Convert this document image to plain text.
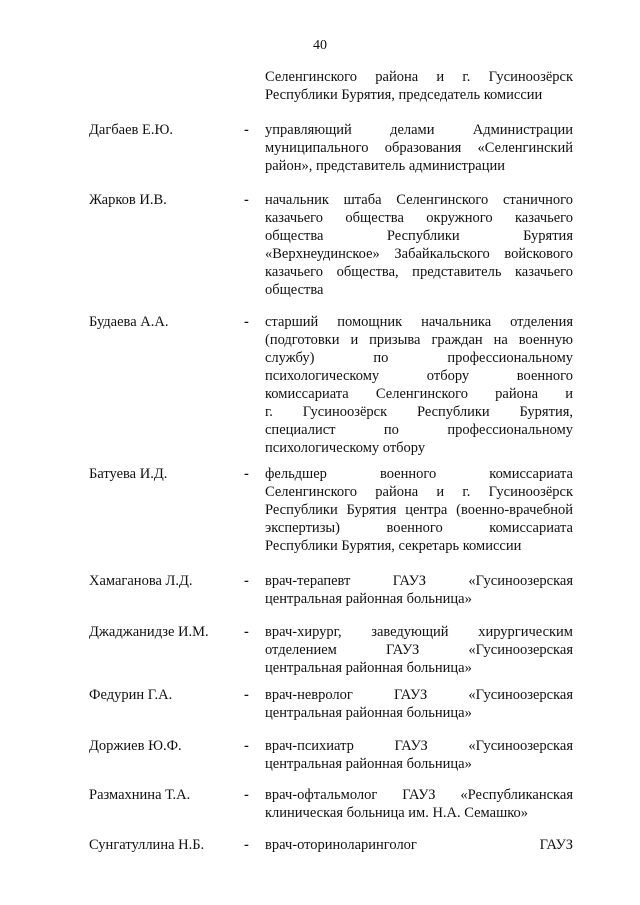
40
Селенгинского района и г. Гусиноозёрск
Республики Бурятия, председатель комиссии
Дагбаев Е.Ю.	- управляющий делами Администрации
муниципального образования «Селенгинский
район», представитель администрации
Жарков И.В.	- начальник штаба Селенгинского станичного
казачьего общества окружного казачьего
общества Республики Бурятия
«Верхнеудинское» Забайкальского войскового
казачьего общества, представитель казачьего
общества
Будаева А.А.	- старший помощник начальника отделения
(подготовки и призыва граждан на военную
службу) по профессиональному
психологическому отбору военного
комиссариата Селенгинского района и
г. Гусиноозёрск Республики Бурятия,
специалист по профессиональному
психологическому отбору
Батуева И.Д.	- фельдшер военного комиссариата
Селенгинского района и г. Гусиноозёрск
Республики Бурятия центра (военно-врачебной
экспертизы) военного комиссариата
Республики Бурятия, секретарь комиссии
Хамаганова Л.Д.	- врач-терапевт ГАУЗ «Гусиноозерская
центральная районная больница»
Джаджанидзе И.М. - врач-хирург, заведующий хирургическим
отделением ГАУЗ «Гусиноозерская
центральная районная больница»
Федурин Г.А.	- врач-невролог ГАУЗ «Гусиноозерская
центральная районная больница»
Доржиев Ю.Ф.	- врач-психиатр ГАУЗ «Гусиноозерская
центральная районная больница»
Размахнина Т.А.	- врач-офтальмолог ГАУЗ «Республиканская
клиническая больница им. Н.А. Семашко»
Сунгатуллина Н.Б.	- врач-оториноларинголог ГАУЗ
